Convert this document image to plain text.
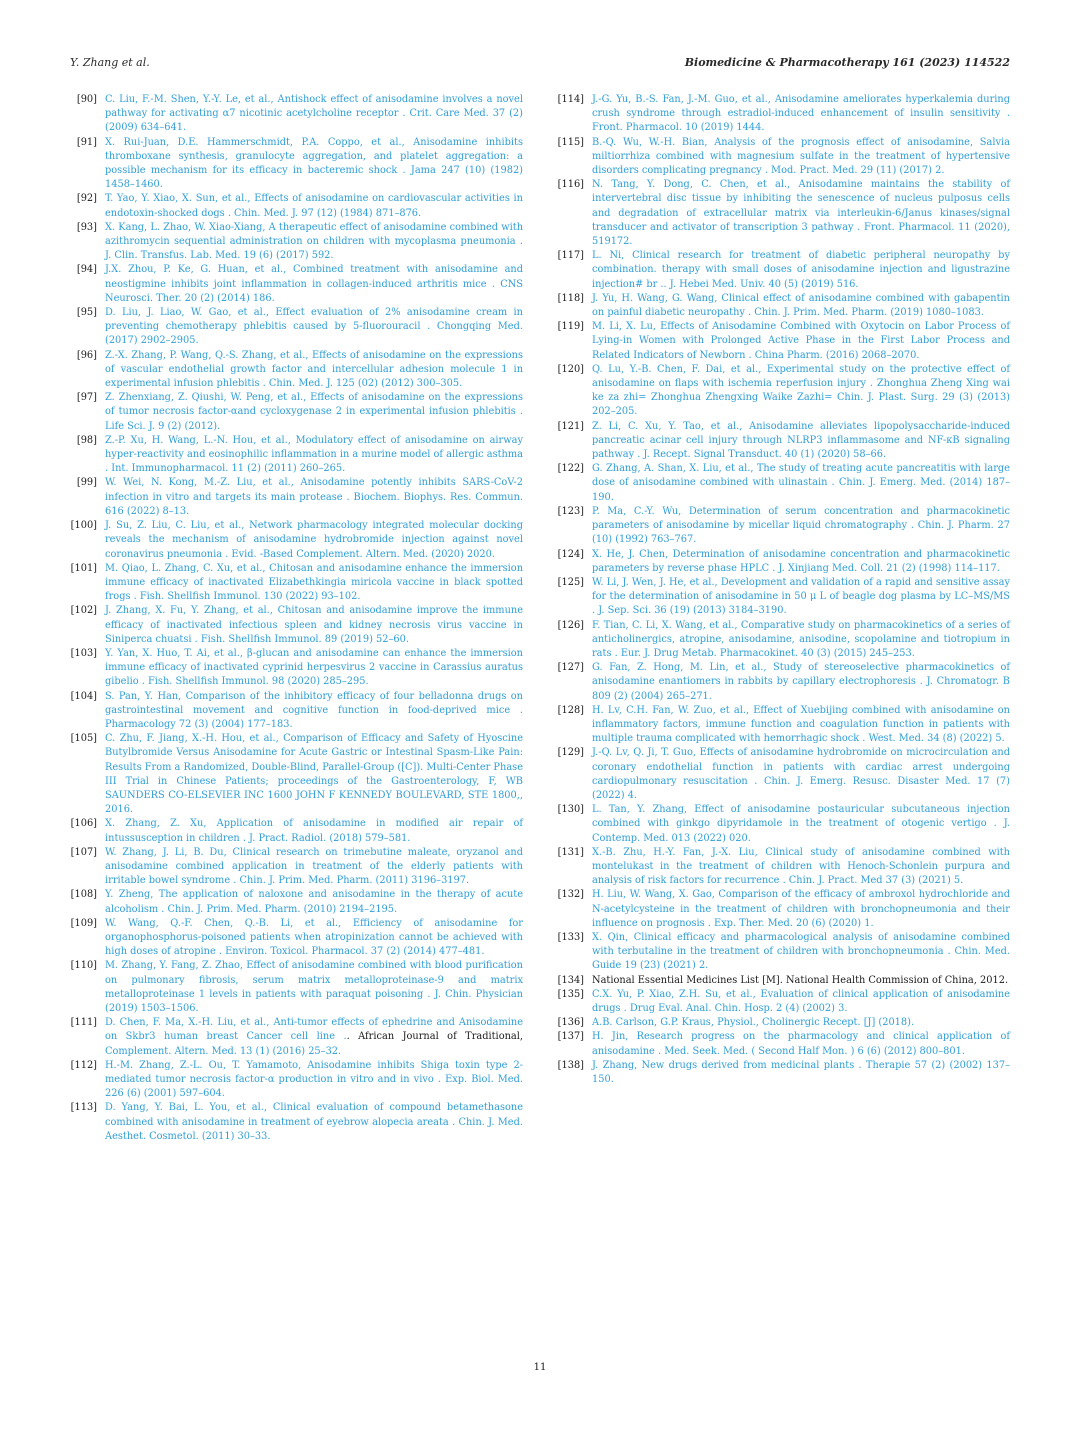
Y. Zhang et al.	Biomedicine & Pharmacotherapy 161 (2023) 114522
[90] C. Liu, F.-M. Shen, Y.-Y. Le, et al., Antishock effect of anisodamine involves a novel pathway for activating α7 nicotinic acetylcholine receptor . Crit. Care Med. 37 (2) (2009) 634–641.
[91] X. Rui-Juan, D.E. Hammerschmidt, P.A. Coppo, et al., Anisodamine inhibits thromboxane synthesis, granulocyte aggregation, and platelet aggregation: a possible mechanism for its efficacy in bacteremic shock . Jama 247 (10) (1982) 1458–1460.
[92] T. Yao, Y. Xiao, X. Sun, et al., Effects of anisodamine on cardiovascular activities in endotoxin-shocked dogs . Chin. Med. J. 97 (12) (1984) 871–876.
[93] X. Kang, L. Zhao, W. Xiao-Xiang, A therapeutic effect of anisodamine combined with azithromycin sequential administration on children with mycoplasma pneumonia . J. Clin. Transfus. Lab. Med. 19 (6) (2017) 592.
[94] J.X. Zhou, P. Ke, G. Huan, et al., Combined treatment with anisodamine and neostigmine inhibits joint inflammation in collagen-induced arthritis mice . CNS Neurosci. Ther. 20 (2) (2014) 186.
[95] D. Liu, J. Liao, W. Gao, et al., Effect evaluation of 2% anisodamine cream in preventing chemotherapy phlebitis caused by 5-fluorouracil . Chongqing Med. (2017) 2902–2905.
[96] Z.-X. Zhang, P. Wang, Q.-S. Zhang, et al., Effects of anisodamine on the expressions of vascular endothelial growth factor and intercellular adhesion molecule 1 in experimental infusion phlebitis . Chin. Med. J. 125 (02) (2012) 300–305.
[97] Z. Zhenxiang, Z. Qiushi, W. Peng, et al., Effects of anisodamine on the expressions of tumor necrosis factor-αand cycloxygenase 2 in experimental infusion phlebitis . Life Sci. J. 9 (2) (2012).
[98] Z.-P. Xu, H. Wang, L.-N. Hou, et al., Modulatory effect of anisodamine on airway hyper-reactivity and eosinophilic inflammation in a murine model of allergic asthma . Int. Immunopharmacol. 11 (2) (2011) 260–265.
[99] W. Wei, N. Kong, M.-Z. Liu, et al., Anisodamine potently inhibits SARS-CoV-2 infection in vitro and targets its main protease . Biochem. Biophys. Res. Commun. 616 (2022) 8–13.
[100] J. Su, Z. Liu, C. Liu, et al., Network pharmacology integrated molecular docking reveals the mechanism of anisodamine hydrobromide injection against novel coronavirus pneumonia . Evid. -Based Complement. Altern. Med. (2020) 2020.
[101] M. Qiao, L. Zhang, C. Xu, et al., Chitosan and anisodamine enhance the immersion immune efficacy of inactivated Elizabethkingia miricola vaccine in black spotted frogs . Fish. Shellfish Immunol. 130 (2022) 93–102.
[102] J. Zhang, X. Fu, Y. Zhang, et al., Chitosan and anisodamine improve the immune efficacy of inactivated infectious spleen and kidney necrosis virus vaccine in Siniperca chuatsi . Fish. Shellfish Immunol. 89 (2019) 52–60.
[103] Y. Yan, X. Huo, T. Ai, et al., β-glucan and anisodamine can enhance the immersion immune efficacy of inactivated cyprinid herpesvirus 2 vaccine in Carassius auratus gibelio . Fish. Shellfish Immunol. 98 (2020) 285–295.
[104] S. Pan, Y. Han, Comparison of the inhibitory efficacy of four belladonna drugs on gastrointestinal movement and cognitive function in food-deprived mice . Pharmacology 72 (3) (2004) 177–183.
[105] C. Zhu, F. Jiang, X.-H. Hou, et al., Comparison of Efficacy and Safety of Hyoscine Butylbromide Versus Anisodamine for Acute Gastric or Intestinal Spasm-Like Pain: Results From a Randomized, Double-Blind, Parallel-Group ([C]). Multi-Center Phase III Trial in Chinese Patients; proceedings of the Gastroenterology, F, WB SAUNDERS CO-ELSEVIER INC 1600 JOHN F KENNEDY BOULEVARD, STE 1800,, 2016.
[106] X. Zhang, Z. Xu, Application of anisodamine in modified air repair of intussusception in children . J. Pract. Radiol. (2018) 579–581.
[107] W. Zhang, J. Li, B. Du, Clinical research on trimebutine maleate, oryzanol and anisodamine combined application in treatment of the elderly patients with irritable bowel syndrome . Chin. J. Prim. Med. Pharm. (2011) 3196–3197.
[108] Y. Zheng, The application of naloxone and anisodamine in the therapy of acute alcoholism . Chin. J. Prim. Med. Pharm. (2010) 2194–2195.
[109] W. Wang, Q.-F. Chen, Q.-B. Li, et al., Efficiency of anisodamine for organophosphorus-poisoned patients when atropinization cannot be achieved with high doses of atropine . Environ. Toxicol. Pharmacol. 37 (2) (2014) 477–481.
[110] M. Zhang, Y. Fang, Z. Zhao, Effect of anisodamine combined with blood purification on pulmonary fibrosis, serum matrix metalloproteinase-9 and matrix metalloproteinase 1 levels in patients with paraquat poisoning . J. Chin. Physician (2019) 1503–1506.
[111] D. Chen, F. Ma, X.-H. Liu, et al., Anti-tumor effects of ephedrine and Anisodamine on Skbr3 human breast Cancer cell line .. African Journal of Traditional, Complement. Altern. Med. 13 (1) (2016) 25–32.
[112] H.-M. Zhang, Z.-L. Ou, T. Yamamoto, Anisodamine inhibits Shiga toxin type 2-mediated tumor necrosis factor-α production in vitro and in vivo . Exp. Biol. Med. 226 (6) (2001) 597–604.
[113] D. Yang, Y. Bai, L. You, et al., Clinical evaluation of compound betamethasone combined with anisodamine in treatment of eyebrow alopecia areata . Chin. J. Med. Aesthet. Cosmetol. (2011) 30–33.
[114] J.-G. Yu, B.-S. Fan, J.-M. Guo, et al., Anisodamine ameliorates hyperkalemia during crush syndrome through estradiol-induced enhancement of insulin sensitivity . Front. Pharmacol. 10 (2019) 1444.
[115] B.-Q. Wu, W.-H. Bian, Analysis of the prognosis effect of anisodamine, Salvia miltiorrhiza combined with magnesium sulfate in the treatment of hypertensive disorders complicating pregnancy . Mod. Pract. Med. 29 (11) (2017) 2.
[116] N. Tang, Y. Dong, C. Chen, et al., Anisodamine maintains the stability of intervertebral disc tissue by inhibiting the senescence of nucleus pulposus cells and degradation of extracellular matrix via interleukin-6/Janus kinases/signal transducer and activator of transcription 3 pathway . Front. Pharmacol. 11 (2020), 519172.
[117] L. Ni, Clinical research for treatment of diabetic peripheral neuropathy by combination. therapy with small doses of anisodamine injection and ligustrazine injection# br .. J. Hebei Med. Univ. 40 (5) (2019) 516.
[118] J. Yu, H. Wang, G. Wang, Clinical effect of anisodamine combined with gabapentin on painful diabetic neuropathy . Chin. J. Prim. Med. Pharm. (2019) 1080–1083.
[119] M. Li, X. Lu, Effects of Anisodamine Combined with Oxytocin on Labor Process of Lying-in Women with Prolonged Active Phase in the First Labor Process and Related Indicators of Newborn . China Pharm. (2016) 2068–2070.
[120] Q. Lu, Y.-B. Chen, F. Dai, et al., Experimental study on the protective effect of anisodamine on flaps with ischemia reperfusion injury . Zhonghua Zheng Xing wai ke za zhi= Zhonghua Zhengxing Waike Zazhi= Chin. J. Plast. Surg. 29 (3) (2013) 202–205.
[121] Z. Li, C. Xu, Y. Tao, et al., Anisodamine alleviates lipopolysaccharide-induced pancreatic acinar cell injury through NLRP3 inflammasome and NF-κB signaling pathway . J. Recept. Signal Transduct. 40 (1) (2020) 58–66.
[122] G. Zhang, A. Shan, X. Liu, et al., The study of treating acute pancreatitis with large dose of anisodamine combined with ulinastain . Chin. J. Emerg. Med. (2014) 187–190.
[123] P. Ma, C.-Y. Wu, Determination of serum concentration and pharmacokinetic parameters of anisodamine by micellar liquid chromatography . Chin. J. Pharm. 27 (10) (1992) 763–767.
[124] X. He, J. Chen, Determination of anisodamine concentration and pharmacokinetic parameters by reverse phase HPLC . J. Xinjiang Med. Coll. 21 (2) (1998) 114–117.
[125] W. Li, J. Wen, J. He, et al., Development and validation of a rapid and sensitive assay for the determination of anisodamine in 50 μ L of beagle dog plasma by LC–MS/MS . J. Sep. Sci. 36 (19) (2013) 3184–3190.
[126] F. Tian, C. Li, X. Wang, et al., Comparative study on pharmacokinetics of a series of anticholinergics, atropine, anisodamine, anisodine, scopolamine and tiotropium in rats . Eur. J. Drug Metab. Pharmacokinet. 40 (3) (2015) 245–253.
[127] G. Fan, Z. Hong, M. Lin, et al., Study of stereoselective pharmacokinetics of anisodamine enantiomers in rabbits by capillary electrophoresis . J. Chromatogr. B 809 (2) (2004) 265–271.
[128] H. Lv, C.H. Fan, W. Zuo, et al., Effect of Xuebijing combined with anisodamine on inflammatory factors, immune function and coagulation function in patients with multiple trauma complicated with hemorrhagic shock . West. Med. 34 (8) (2022) 5.
[129] J.-Q. Lv, Q. Ji, T. Guo, Effects of anisodamine hydrobromide on microcirculation and coronary endothelial function in patients with cardiac arrest undergoing cardiopulmonary resuscitation . Chin. J. Emerg. Resusc. Disaster Med. 17 (7) (2022) 4.
[130] L. Tan, Y. Zhang, Effect of anisodamine postauricular subcutaneous injection combined with ginkgo dipyridamole in the treatment of otogenic vertigo . J. Contemp. Med. 013 (2022) 020.
[131] X.-B. Zhu, H.-Y. Fan, J.-X. Liu, Clinical study of anisodamine combined with montelukast in the treatment of children with Henoch-Schonlein purpura and analysis of risk factors for recurrence . Chin. J. Pract. Med 37 (3) (2021) 5.
[132] H. Liu, W. Wang, X. Gao, Comparison of the efficacy of ambroxol hydrochloride and N-acetylcysteine in the treatment of children with bronchopneumonia and their influence on prognosis . Exp. Ther. Med. 20 (6) (2020) 1.
[133] X. Qin, Clinical efficacy and pharmacological analysis of anisodamine combined with terbutaline in the treatment of children with bronchopneumonia . Chin. Med. Guide 19 (23) (2021) 2.
[134] National Essential Medicines List [M]. National Health Commission of China, 2012.
[135] C.X. Yu, P. Xiao, Z.H. Su, et al., Evaluation of clinical application of anisodamine drugs . Drug Eval. Anal. Chin. Hosp. 2 (4) (2002) 3.
[136] A.B. Carlson, G.P. Kraus, Physiol., Cholinergic Recept. [J] (2018).
[137] H. Jin, Research progress on the pharmacology and clinical application of anisodamine . Med. Seek. Med. ( Second Half Mon. ) 6 (6) (2012) 800–801.
[138] J. Zhang, New drugs derived from medicinal plants . Therapie 57 (2) (2002) 137–150.
11
